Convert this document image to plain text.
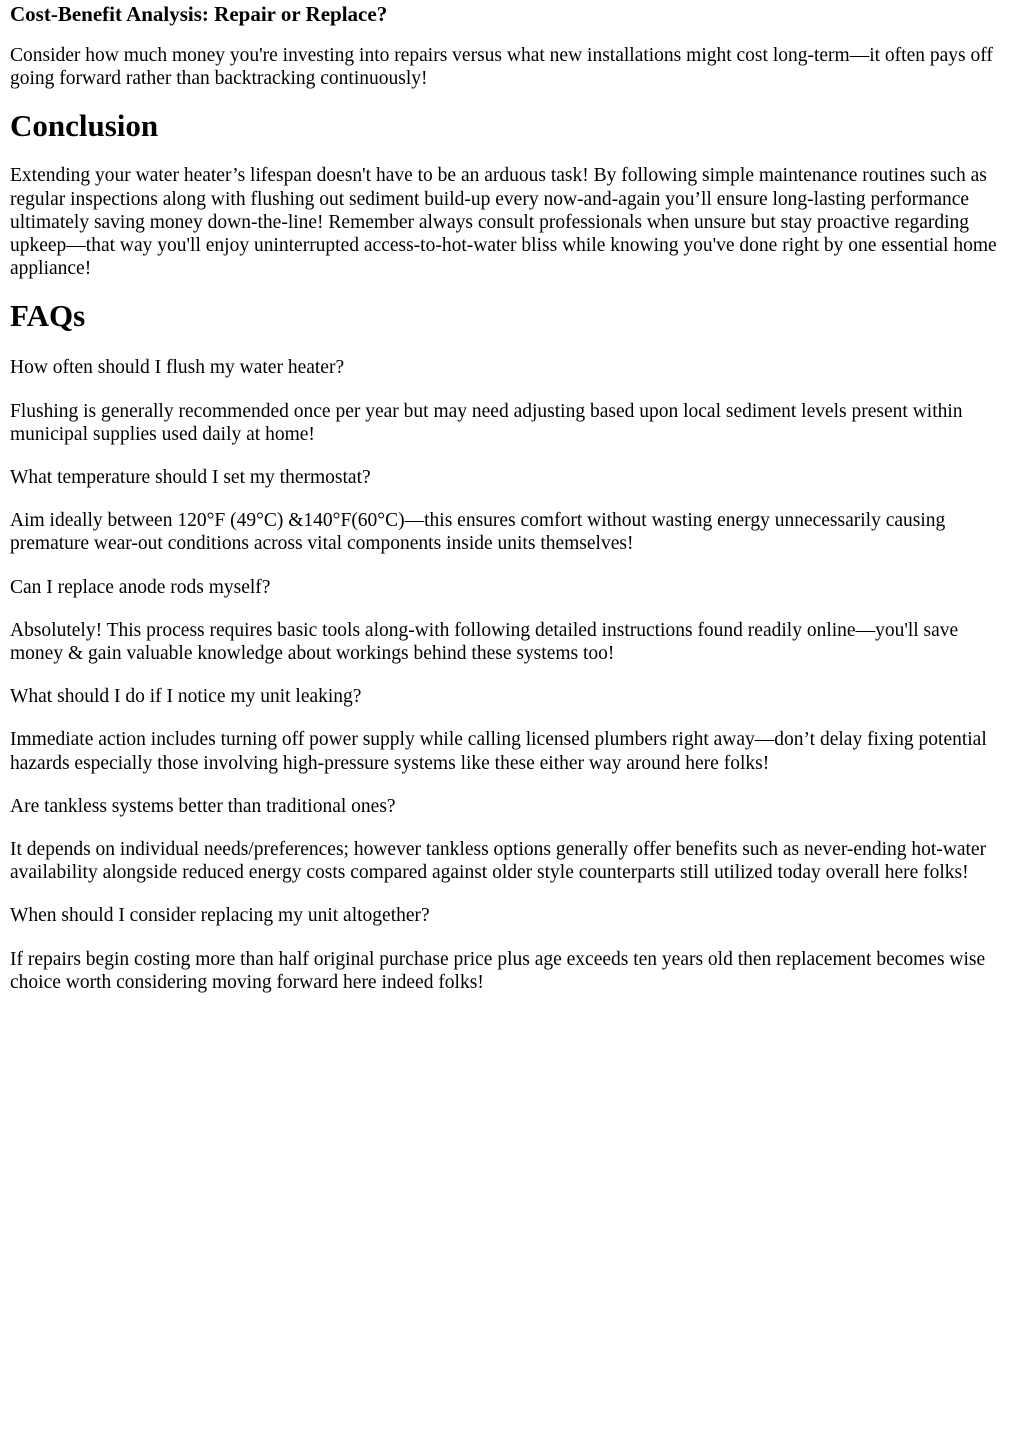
Cost-Benefit Analysis: Repair or Replace?

Consider how much money you're investing into repairs versus what new installations might cost long-term—it often pays off going forward rather than backtracking continuously!

Conclusion

Extending your water heater’s lifespan doesn't have to be an arduous task! By following simple maintenance routines such as regular inspections along with flushing out sediment build-up every now-and-again you’ll ensure long-lasting performance ultimately saving money down-the-line! Remember always consult professionals when unsure but stay proactive regarding upkeep—that way you'll enjoy uninterrupted access-to-hot-water bliss while knowing you've done right by one essential home appliance!

FAQs

How often should I flush my water heater?

Flushing is generally recommended once per year but may need adjusting based upon local sediment levels present within municipal supplies used daily at home!

What temperature should I set my thermostat?

Aim ideally between 120°F (49°C) &140°F(60°C)—this ensures comfort without wasting energy unnecessarily causing premature wear-out conditions across vital components inside units themselves!

Can I replace anode rods myself?

Absolutely! This process requires basic tools along-with following detailed instructions found readily online—you'll save money & gain valuable knowledge about workings behind these systems too!

What should I do if I notice my unit leaking?

Immediate action includes turning off power supply while calling licensed plumbers right away—don’t delay fixing potential hazards especially those involving high-pressure systems like these either way around here folks!

Are tankless systems better than traditional ones?

It depends on individual needs/preferences; however tankless options generally offer benefits such as never-ending hot-water availability alongside reduced energy costs compared against older style counterparts still utilized today overall here folks!

When should I consider replacing my unit altogether?

If repairs begin costing more than half original purchase price plus age exceeds ten years old then replacement becomes wise choice worth considering moving forward here indeed folks!
